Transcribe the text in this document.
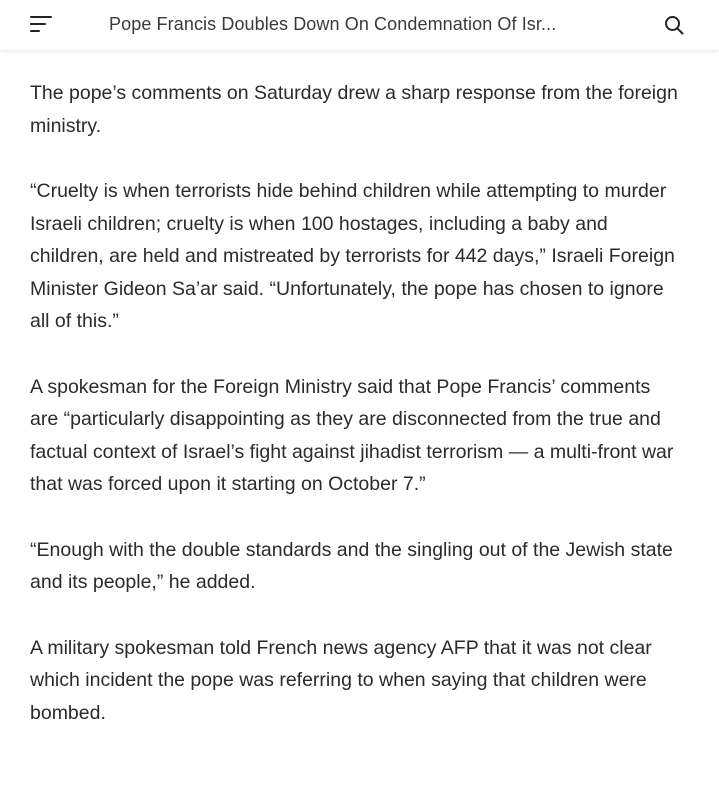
Pope Francis Doubles Down On Condemnation Of Isr...

The pope’s comments on Saturday drew a sharp response from the foreign ministry.

“Cruelty is when terrorists hide behind children while attempting to murder Israeli children; cruelty is when 100 hostages, including a baby and children, are held and mistreated by terrorists for 442 days,” Israeli Foreign Minister Gideon Sa’ar said. “Unfortunately, the pope has chosen to ignore all of this.”

A spokesman for the Foreign Ministry said that Pope Francis’ comments are “particularly disappointing as they are disconnected from the true and factual context of Israel’s fight against jihadist terrorism — a multi-front war that was forced upon it starting on October 7.”

“Enough with the double standards and the singling out of the Jewish state and its people,” he added.

A military spokesman told French news agency AFP that it was not clear which incident the pope was referring to when saying that children were bombed.
